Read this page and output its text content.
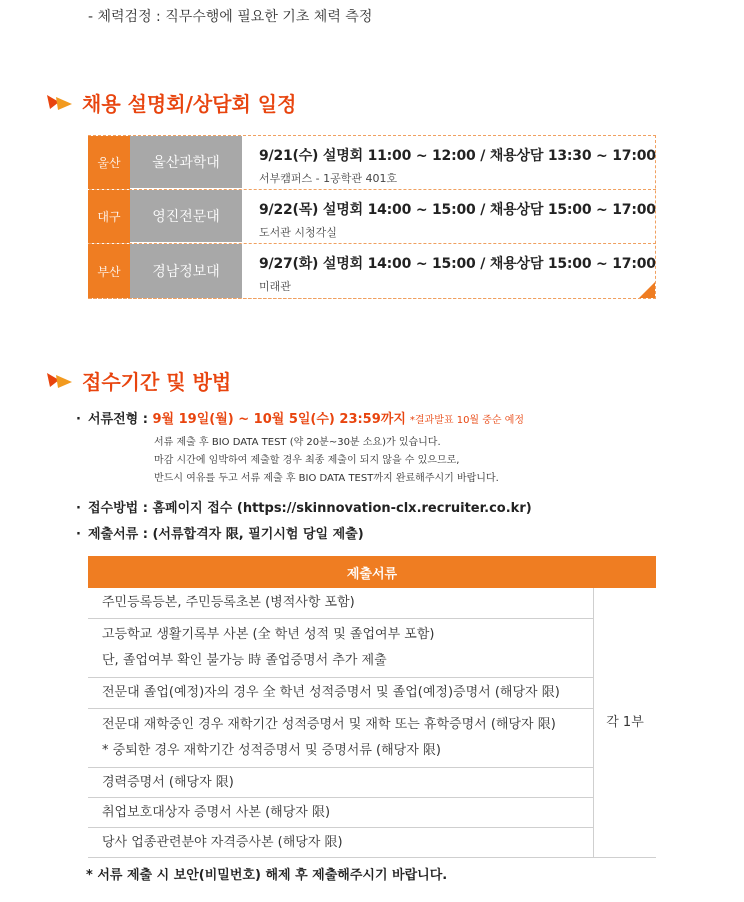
- 체력검정 : 직무수행에 필요한 기초 체력 측정
채용 설명회/상담회 일정
울산	울산과학대	9/21(수) 설명회 11:00 ~ 12:00 / 채용상담 13:30 ~ 17:00
서부캠퍼스 - 1공학관 401호
대구	영진전문대	9/22(목) 설명회 14:00 ~ 15:00 / 채용상담 15:00 ~ 17:00
도서관 시청각실
부산	경남정보대	9/27(화) 설명회 14:00 ~ 15:00 / 채용상담 15:00 ~ 17:00
미래관
접수기간 및 방법
· 서류전형 : 9월 19일(월) ~ 10월 5일(수) 23:59까지 *결과발표 10월 중순 예정
서류 제출 후 BIO DATA TEST (약 20분~30분 소요)가 있습니다.
마감 시간에 임박하여 제출할 경우 최종 제출이 되지 않을 수 있으므로,
반드시 여유를 두고 서류 제출 후 BIO DATA TEST까지 완료해주시기 바랍니다.
· 접수방법 : 홈페이지 접수 (https://skinnovation-clx.recruiter.co.kr)
· 제출서류 : (서류합격자 限, 필기시험 당일 제출)
제출서류
주민등록등본, 주민등록초본 (병적사항 포함)	각 1부

고등학교 생활기록부 사본 (全 학년 성적 및 졸업여부 포함)
단, 졸업여부 확인 불가능 時 졸업증명서 추가 제출

전문대 졸업(예정)자의 경우 全 학년 성적증명서 및 졸업(예정)증명서 (해당자 限)

전문대 재학중인 경우 재학기간 성적증명서 및 재학 또는 휴학증명서 (해당자 限)
* 중퇴한 경우 재학기간 성적증명서 및 증명서류 (해당자 限)

경력증명서 (해당자 限)
취업보호대상자 증명서 사본 (해당자 限)
당사 업종관련분야 자격증사본 (해당자 限)
* 서류 제출 시 보안(비밀번호) 해제 후 제출해주시기 바랍니다.
